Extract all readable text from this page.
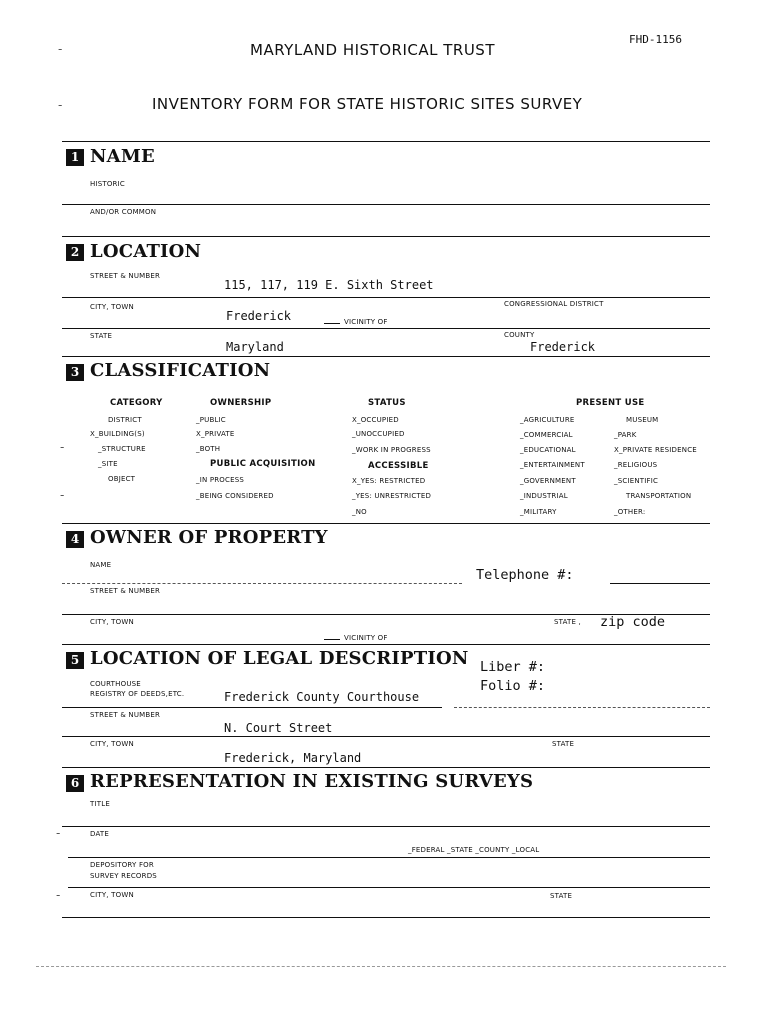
FHD-1156
MARYLAND HISTORICAL TRUST
INVENTORY FORM FOR STATE HISTORIC SITES SURVEY
-
-
1 NAME
HISTORIC
AND/OR COMMON
2 LOCATION
STREET & NUMBER
115, 117, 119 E. Sixth Street
CITY, TOWN
Frederick	VICINITY OF
CONGRESSIONAL DISTRICT
STATE
Maryland
COUNTY
Frederick
3 CLASSIFICATION
CATEGORY
DISTRICT
X_BUILDING(S)
_STRUCTURE
_SITE
OBJECT
OWNERSHIP
_PUBLIC
X_PRIVATE
_BOTH
PUBLIC ACQUISITION
_IN PROCESS
_BEING CONSIDERED
STATUS
X_OCCUPIED
_UNOCCUPIED
_WORK IN PROGRESS
ACCESSIBLE
X_YES: RESTRICTED
_YES: UNRESTRICTED
_NO
PRESENT USE
_AGRICULTURE
_COMMERCIAL
_EDUCATIONAL
_ENTERTAINMENT
_GOVERNMENT
_INDUSTRIAL
_MILITARY
MUSEUM
_PARK
X_PRIVATE RESIDENCE
_RELIGIOUS
_SCIENTIFIC
TRANSPORTATION
_OTHER:
-
-
4 OWNER OF PROPERTY
NAME
Telephone #:
STREET & NUMBER
CITY, TOWN	STATE , zip code
VICINITY OF
5 LOCATION OF LEGAL DESCRIPTION Liber #:
Folio #:
COURTHOUSE
REGISTRY OF DEEDS,ETC.	Frederick County Courthouse
STREET & NUMBER
N. Court Street
CITY, TOWN	STATE
Frederick, Maryland
6 REPRESENTATION IN EXISTING SURVEYS
TITLE
-	DATE
_FEDERAL _STATE _COUNTY _LOCAL
DEPOSITORY FOR
SURVEY RECORDS
-	CITY, TOWN	STATE
